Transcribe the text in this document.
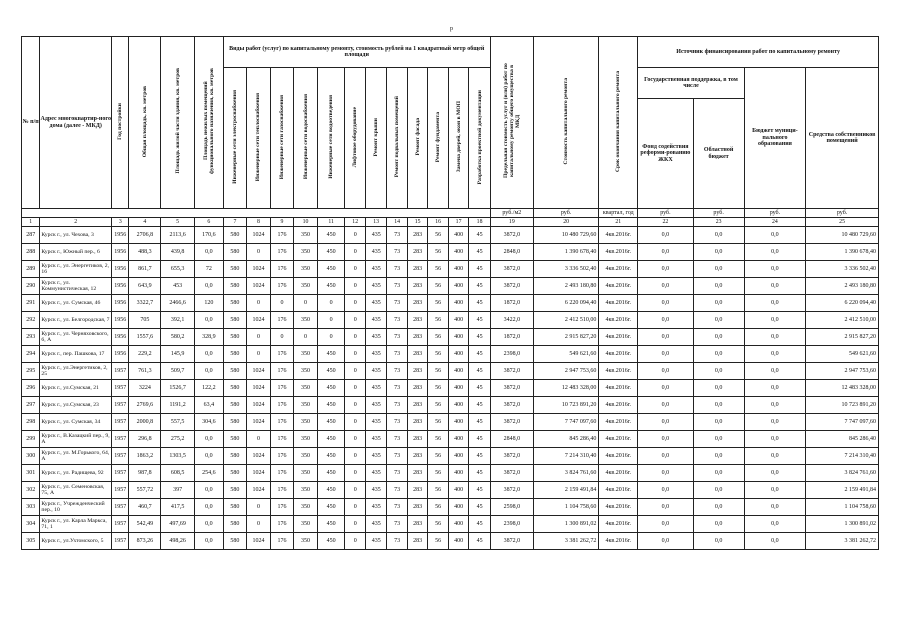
p
№ п/п	Адрес многоквартир-ного дома (далее - МКД)	Год постройки	Общая площадь, кв. метров	Площадь жилой части здания, кв. метров	Площадь нежилых помещений функционального назначения, кв. метров	Виды работ (услуг) по капитальному ремонту, стоимость рублей на 1 квадратный метр общей площади												Предельная стоимость услуг и (или) работ по капитальному ремонту общего имущества в МКД	Стоимость капитального ремонта	Срок окончания капитального ремонта	Источник финансирования работ по капитальному ремонту			
						Инженерные сети электроснабжения	Инженерные сети теплоснабжения	Инженерные сети газоснабжения	Инженерные сети водоснабжения	Инженерные сети водоотведения	Лифтовое оборудование	Ремонт крыши	Ремонт подвальных помещений	Ремонт фасада	Ремонт фундамента	Замена дверей, окон в МОП	Разработка проектной документации				Государственная поддержка, в том числе		Бюджет муници-пального образования	Средства собственников помещений
																					Фонд содействия реформи-рованию ЖКХ	Областной бюджет		
																		руб./м2	руб.	квартал, год	руб.	руб.	руб.	руб.
1	2	3	4	5	6	7	8	9	10	11	12	13	14	15	16	17	18	19	20	21	22	23	24	25
287	Курск г., ул. Чехова, 3	1956	2706,8	2113,6	170,6	580	1024	176	350	450	0	435	73	283	56	400	45	3872,0	10 480 729,60	4кв.2016г.	0,0	0,0	0,0	10 480 729,60
288	Курск г., Южный пер., 6	1956	488,3	439,8	0,0	580	0	176	350	450	0	435	73	283	56	400	45	2848,0	1 390 678,40	4кв.2016г.	0,0	0,0	0,0	1 390 678,40
289	Курск г., ул. Энергетиков, 2, 16	1956	861,7	655,3	72	580	1024	176	350	450	0	435	73	283	56	400	45	3872,0	3 336 502,40	4кв.2016г.	0,0	0,0	0,0	3 336 502,40
290	Курск г., ул. Коммунистическая, 12	1956	643,9	453	0,0	580	1024	176	350	450	0	435	73	283	56	400	45	3872,0	2 493 180,80	4кв.2016г.	0,0	0,0	0,0	2 493 180,80
291	Курск г., ул. Сумская, 46	1956	3322,7	2466,6	120	580	0	0	0	0	0	435	73	283	56	400	45	1872,0	6 220 094,40	4кв.2016г.	0,0	0,0	0,0	6 220 094,40
292	Курск г., ул. Белгородская, 7	1956	705	392,1	0,0	580	1024	176	350	0	0	435	73	283	56	400	45	3422,0	2 412 510,00	4кв.2016г.	0,0	0,0	0,0	2 412 510,00
293	Курск г., ул. Черняховского, 6, А	1956	1557,6	580,2	328,9	580	0	0	0	0	0	435	73	283	56	400	45	1872,0	2 915 827,20	4кв.2016г.	0,0	0,0	0,0	2 915 827,20
294	Курск г., пер. Пашкова, 17	1956	229,2	145,9	0,0	580	0	176	350	450	0	435	73	283	56	400	45	2398,0	549 621,60	4кв.2016г.	0,0	0,0	0,0	549 621,60
295	Курск г., ул.Энергетиков, 2, 25	1957	761,3	509,7	0,0	580	1024	176	350	450	0	435	73	283	56	400	45	3872,0	2 947 753,60	4кв.2016г.	0,0	0,0	0,0	2 947 753,60
296	Курск г., ул.Сумская, 21	1957	3224	1526,7	122,2	580	1024	176	350	450	0	435	73	283	56	400	45	3872,0	12 483 328,00	4кв.2016г.	0,0	0,0	0,0	12 483 328,00
297	Курск г., ул.Сумская, 23	1957	2769,6	1191,2	63,4	580	1024	176	350	450	0	435	73	283	56	400	45	3872,0	10 723 891,20	4кв.2016г.	0,0	0,0	0,0	10 723 891,20
298	Курск г., ул. Сумская, 34	1957	2000,8	557,5	304,6	580	1024	176	350	450	0	435	73	283	56	400	45	3872,0	7 747 097,60	4кв.2016г.	0,0	0,0	0,0	7 747 097,60
299	Курск г., В.Казацкий пер., 9, А	1957	296,8	275,2	0,0	580	0	176	350	450	0	435	73	283	56	400	45	2848,0	845 286,40	4кв.2016г.	0,0	0,0	0,0	845 286,40
300	Курск г., ул. М.Горького, 64, А	1957	1863,2	1303,5	0,0	580	1024	176	350	450	0	435	73	283	56	400	45	3872,0	7 214 310,40	4кв.2016г.	0,0	0,0	0,0	7 214 310,40
301	Курск г., ул. Радищева, 92	1957	987,8	608,5	254,6	580	1024	176	350	450	0	435	73	283	56	400	45	3872,0	3 824 761,60	4кв.2016г.	0,0	0,0	0,0	3 824 761,60
302	Курск г., ул. Семеновская, 75, А	1957	557,72	397	0,0	580	1024	176	350	450	0	435	73	283	56	400	45	3872,0	2 159 491,84	4кв.2016г.	0,0	0,0	0,0	2 159 491,84
303	Курск г., Учрежденческий пер., 10	1957	460,7	417,5	0,0	580	0	176	350	450	0	435	73	283	56	400	45	2598,0	1 104 758,60	4кв.2016г.	0,0	0,0	0,0	1 104 758,60
304	Курск г., ул. Карла Маркса, 71, 1	1957	542,49	497,69	0,0	580	0	176	350	450	0	435	73	283	56	400	45	2398,0	1 300 891,02	4кв.2016г.	0,0	0,0	0,0	1 300 891,02
305	Курск г., ул.Ухтомского, 5	1957	873,26	498,26	0,0	580	1024	176	350	450	0	435	73	283	56	400	45	3872,0	3 381 262,72	4кв.2016г.	0,0	0,0	0,0	3 381 262,72
